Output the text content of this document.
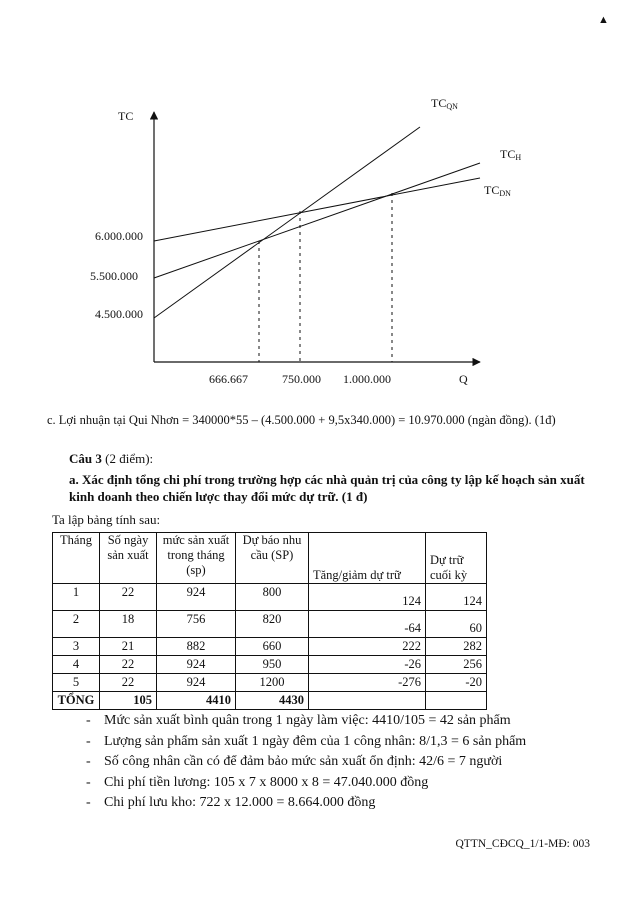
▲
TC
Q
6.000.000
5.500.000
4.500.000
666.667	750.000 1.000.000
TCQN
TCH
TCDN

c. Lợi nhuận tại Qui Nhơn = 340000*55 – (4.500.000 + 9,5x340.000) = 10.970.000 (ngàn đồng). (1đ)

Câu 3 (2 điểm):

a. Xác định tổng chi phí trong trường hợp các nhà quản trị của công ty lập kế hoạch sản xuất kinh doanh theo chiến lược thay đổi mức dự trữ. (1 đ)

Ta lập bảng tính sau:

Tháng	Số ngày sản xuất	mức sản xuất trong tháng (sp)	Dự báo nhu cầu (SP)	Tăng/giảm dự trữ	Dự trữ cuối kỳ
1	22	924	800	124	124
2	18	756	820	-64	60
3	21	882	660	222	282
4	22	924	950	-26	256
5	22	924	1200	-276	-20
TỔNG	105	4410	4430		
- Mức sản xuất bình quân trong 1 ngày làm việc: 4410/105 = 42 sản phẩm
- Lượng sản phẩm sản xuất 1 ngày đêm của 1 công nhân: 8/1,3 = 6 sản phẩm
- Số công nhân cần có để đảm bảo mức sản xuất ổn định: 42/6 = 7 người
- Chi phí tiền lương: 105 x 7 x 8000 x 8 = 47.040.000 đồng
- Chi phí lưu kho: 722 x 12.000 = 8.664.000 đồng
QTTN_CĐCQ_1/1-MĐ: 003
